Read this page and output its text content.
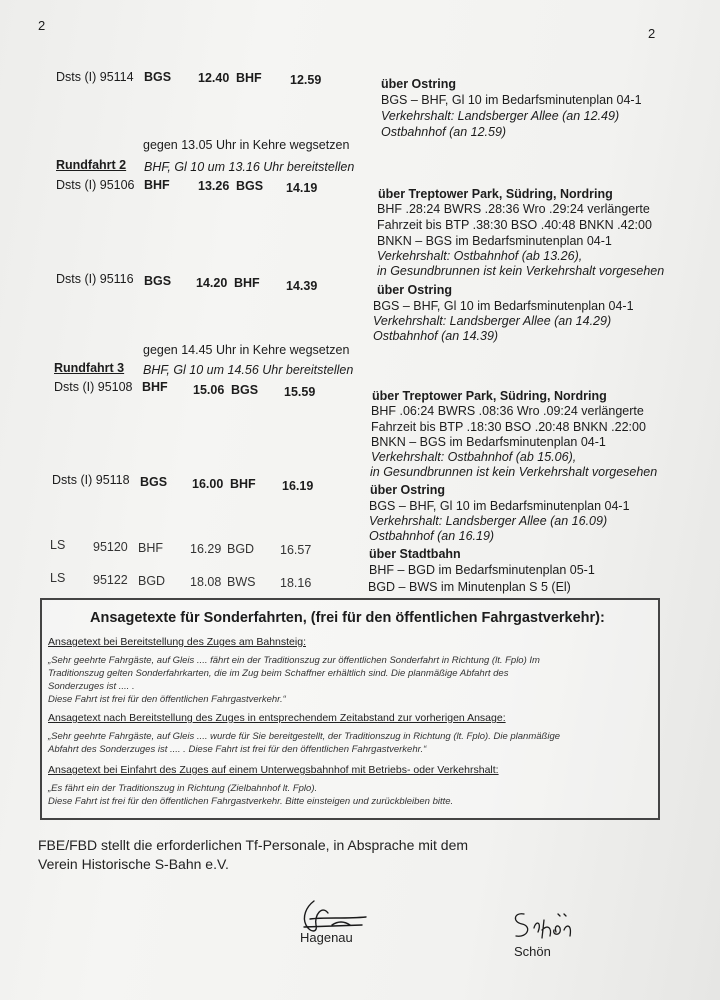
2
2
Dsts (I) 95114 BGS 12.40 BHF 12.59	über Ostring
BGS – BHF, Gl 10 im Bedarfsminutenplan 04-1
Verkehrshalt: Landsberger Allee (an 12.49)
Ostbahnhof (an 12.59)
gegen 13.05 Uhr in Kehre wegsetzen
Rundfahrt 2 BHF, Gl 10 um 13.16 Uhr bereitstellen
Dsts (I) 95106 BHF 13.26 BGS 14.19	über Treptower Park, Südring, Nordring
BHF .28:24 BWRS .28:36 Wro .29:24 verlängerte
Fahrzeit bis BTP .38:30 BSO .40:48 BNKN .42:00
BNKN – BGS im Bedarfsminutenplan 04-1
Verkehrshalt: Ostbahnhof (ab 13.26),
in Gesundbrunnen ist kein Verkehrshalt vorgesehen
Dsts (I) 95116 BGS 14.20 BHF 14.39	über Ostring
BGS – BHF, Gl 10 im Bedarfsminutenplan 04-1
Verkehrshalt: Landsberger Allee (an 14.29)
Ostbahnhof (an 14.39)
gegen 14.45 Uhr in Kehre wegsetzen
Rundfahrt 3 BHF, Gl 10 um 14.56 Uhr bereitstellen
Dsts (I) 95108 BHF 15.06 BGS 15.59	über Treptower Park, Südring, Nordring
BHF .06:24 BWRS .08:36 Wro .09:24 verlängerte
Fahrzeit bis BTP .18:30 BSO .20:48 BNKN .22:00
BNKN – BGS im Bedarfsminutenplan 04-1
Verkehrshalt: Ostbahnhof (ab 15.06),
in Gesundbrunnen ist kein Verkehrshalt vorgesehen
Dsts (I) 95118 BGS 16.00 BHF 16.19	über Ostring
BGS – BHF, Gl 10 im Bedarfsminutenplan 04-1
Verkehrshalt: Landsberger Allee (an 16.09)
Ostbahnhof (an 16.19)
LS 95120 BHF 16.29 BGD 16.57	über Stadtbahn
BHF – BGD im Bedarfsminutenplan 05-1
LS 95122 BGD 18.08 BWS 18.16	BGD – BWS im Minutenplan S 5 (El)
Ansagetexte für Sonderfahrten, (frei für den öffentlichen Fahrgastverkehr):
Ansagetext bei Bereitstellung des Zuges am Bahnsteig:
„Sehr geehrte Fahrgäste, auf Gleis .... fährt ein der Traditionszug zur öffentlichen Sonderfahrt in Richtung (lt. Fplo) Im
Traditionszug gelten Sonderfahrkarten, die im Zug beim Schaffner erhältlich sind. Die planmäßige Abfahrt des
Sonderzuges ist .... .
Diese Fahrt ist frei für den öffentlichen Fahrgastverkehr.“
Ansagetext nach Bereitstellung des Zuges in entsprechendem Zeitabstand zur vorherigen Ansage:
„Sehr geehrte Fahrgäste, auf Gleis .... wurde für Sie bereitgestellt, der Traditionszug in Richtung (lt. Fplo). Die planmäßige
Abfahrt des Sonderzuges ist .... . Diese Fahrt ist frei für den öffentlichen Fahrgastverkehr.“
Ansagetext bei Einfahrt des Zuges auf einem Unterwegsbahnhof mit Betriebs- oder Verkehrshalt:
„Es fährt ein der Traditionszug in Richtung (Zielbahnhof lt. Fplo).
Diese Fahrt ist frei für den öffentlichen Fahrgastverkehr. Bitte einsteigen und zurückbleiben bitte.
FBE/FBD stellt die erforderlichen Tf-Personale, in Absprache mit dem
Verein Historische S-Bahn e.V.
Hagenau
Schön
